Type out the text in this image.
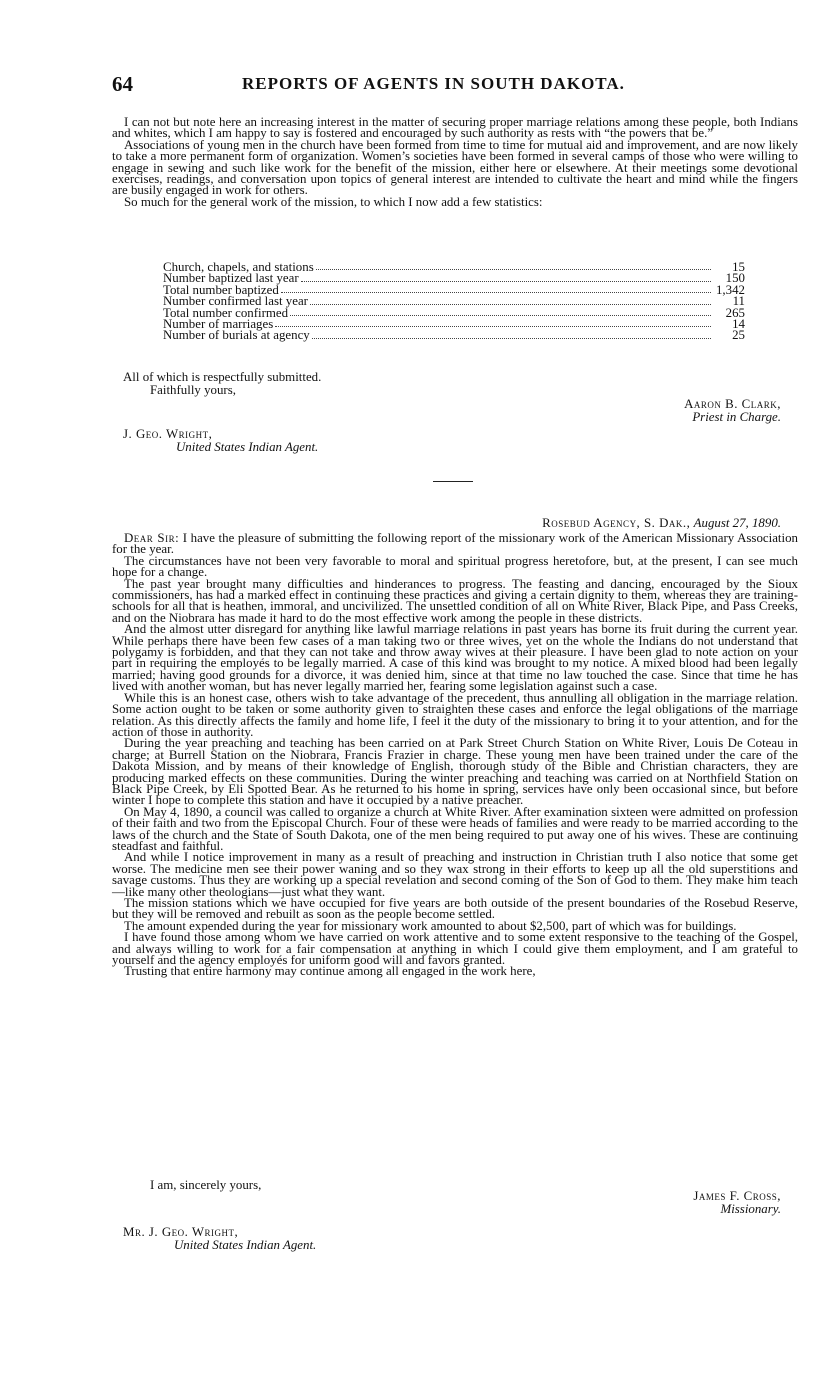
64	REPORTS OF AGENTS IN SOUTH DAKOTA.

I can not but note here an increasing interest in the matter of securing proper marriage relations among these people, both Indians and whites, which I am happy to say is fostered and encouraged by such authority as rests with “the powers that be.”

Associations of young men in the church have been formed from time to time for mutual aid and improvement, and are now likely to take a more permanent form of organization. Women’s societies have been formed in several camps of those who were willing to engage in sewing and such like work for the benefit of the mission, either here or elsewhere. At their meetings some devotional exercises, readings, and conversation upon topics of general interest are intended to cultivate the heart and mind while the fingers are busily engaged in work for others.

So much for the general work of the mission, to which I now add a few statistics:

Church, chapels, and stations	15
Number baptized last year	150
Total number baptized	1,342
Number confirmed last year	11
Total number confirmed	265
Number of marriages	14
Number of burials at agency	25
All of which is respectfully submitted.
Faithfully yours,
Aaron B. Clark,
Priest in Charge.
J. Geo. Wright,
United States Indian Agent.
Rosebud Agency, S. Dak., August 27, 1890.

Dear Sir: I have the pleasure of submitting the following report of the missionary work of the American Missionary Association for the year.

The circumstances have not been very favorable to moral and spiritual progress heretofore, but, at the present, I can see much hope for a change.

The past year brought many difficulties and hinderances to progress. The feasting and dancing, encouraged by the Sioux commissioners, has had a marked effect in continuing these practices and giving a certain dignity to them, whereas they are training-schools for all that is heathen, immoral, and uncivilized. The unsettled condition of all on White River, Black Pipe, and Pass Creeks, and on the Niobrara has made it hard to do the most effective work among the people in these districts.

And the almost utter disregard for anything like lawful marriage relations in past years has borne its fruit during the current year. While perhaps there have been few cases of a man taking two or three wives, yet on the whole the Indians do not understand that polygamy is forbidden, and that they can not take and throw away wives at their pleasure. I have been glad to note action on your part in requiring the employés to be legally married. A case of this kind was brought to my notice. A mixed blood had been legally married; having good grounds for a divorce, it was denied him, since at that time no law touched the case. Since that time he has lived with another woman, but has never legally married her, fearing some legislation against such a case.

While this is an honest case, others wish to take advantage of the precedent, thus annulling all obligation in the marriage relation. Some action ought to be taken or some authority given to straighten these cases and enforce the legal obligations of the marriage relation. As this directly affects the family and home life, I feel it the duty of the missionary to bring it to your attention, and for the action of those in authority.

During the year preaching and teaching has been carried on at Park Street Church Station on White River, Louis De Coteau in charge; at Burrell Station on the Niobrara, Francis Frazier in charge. These young men have been trained under the care of the Dakota Mission, and by means of their knowledge of English, thorough study of the Bible and Christian characters, they are producing marked effects on these communities. During the winter preaching and teaching was carried on at Northfield Station on Black Pipe Creek, by Eli Spotted Bear. As he returned to his home in spring, services have only been occasional since, but before winter I hope to complete this station and have it occupied by a native preacher.

On May 4, 1890, a council was called to organize a church at White River. After examination sixteen were admitted on profession of their faith and two from the Episcopal Church. Four of these were heads of families and were ready to be married according to the laws of the church and the State of South Dakota, one of the men being required to put away one of his wives. These are continuing steadfast and faithful.

And while I notice improvement in many as a result of preaching and instruction in Christian truth I also notice that some get worse. The medicine men see their power waning and so they wax strong in their efforts to keep up all the old superstitions and savage customs. Thus they are working up a special revelation and second coming of the Son of God to them. They make him teach—like many other theologians—just what they want.

The mission stations which we have occupied for five years are both outside of the present boundaries of the Rosebud Reserve, but they will be removed and rebuilt as soon as the people become settled.

The amount expended during the year for missionary work amounted to about $2,500, part of which was for buildings.

I have found those among whom we have carried on work attentive and to some extent responsive to the teaching of the Gospel, and always willing to work for a fair compensation at anything in which I could give them employment, and I am grateful to yourself and the agency employés for uniform good will and favors granted.

Trusting that entire harmony may continue among all engaged in the work here,

I am, sincerely yours,
James F. Cross,
Missionary.
Mr. J. Geo. Wright,
United States Indian Agent.
